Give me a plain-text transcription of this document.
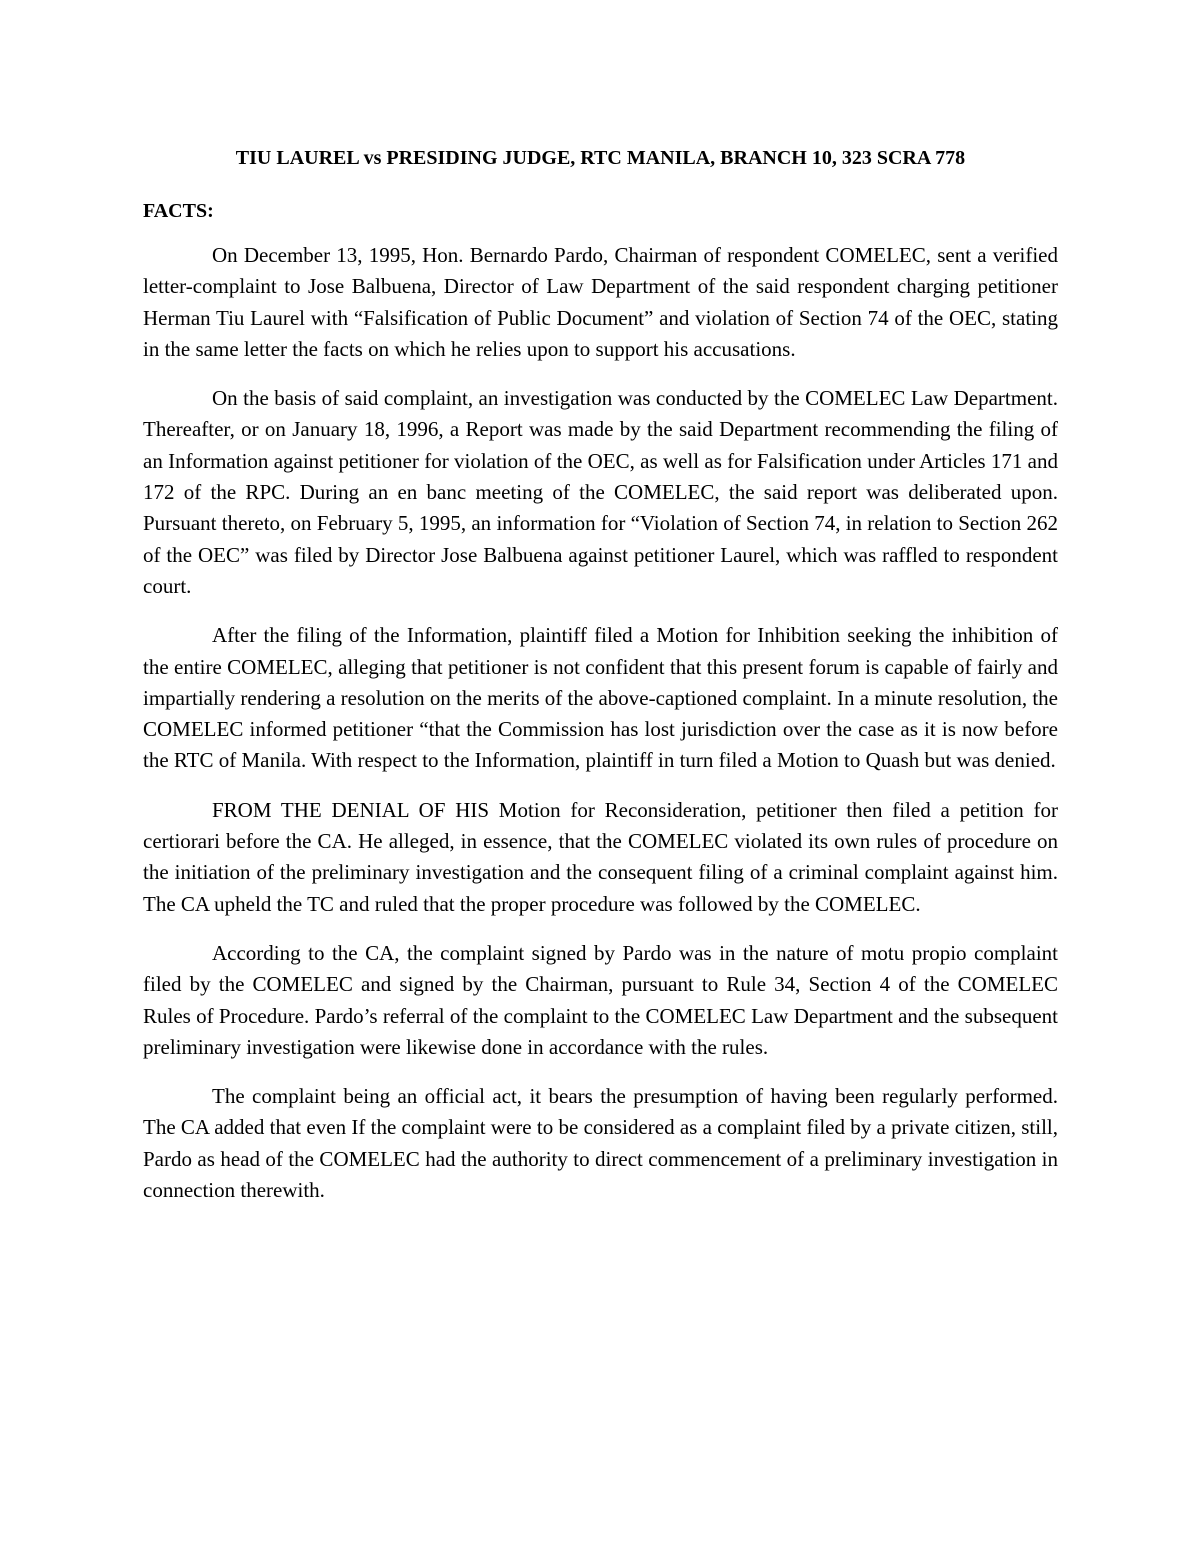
TIU LAUREL vs PRESIDING JUDGE, RTC MANILA, BRANCH 10, 323 SCRA 778
FACTS:

On December 13, 1995, Hon. Bernardo Pardo, Chairman of respondent COMELEC, sent a verified letter-complaint to Jose Balbuena, Director of Law Department of the said respondent charging petitioner Herman Tiu Laurel with “Falsification of Public Document” and violation of Section 74 of the OEC, stating in the same letter the facts on which he relies upon to support his accusations.

On the basis of said complaint, an investigation was conducted by the COMELEC Law Department. Thereafter, or on January 18, 1996, a Report was made by the said Department recommending the filing of an Information against petitioner for violation of the OEC, as well as for Falsification under Articles 171 and 172 of the RPC. During an en banc meeting of the COMELEC, the said report was deliberated upon. Pursuant thereto, on February 5, 1995, an information for “Violation of Section 74, in relation to Section 262 of the OEC” was filed by Director Jose Balbuena against petitioner Laurel, which was raffled to respondent court.

After the filing of the Information, plaintiff filed a Motion for Inhibition seeking the inhibition of the entire COMELEC, alleging that petitioner is not confident that this present forum is capable of fairly and impartially rendering a resolution on the merits of the above-captioned complaint. In a minute resolution, the COMELEC informed petitioner “that the Commission has lost jurisdiction over the case as it is now before the RTC of Manila. With respect to the Information, plaintiff in turn filed a Motion to Quash but was denied.

FROM THE DENIAL OF HIS Motion for Reconsideration, petitioner then filed a petition for certiorari before the CA. He alleged, in essence, that the COMELEC violated its own rules of procedure on the initiation of the preliminary investigation and the consequent filing of a criminal complaint against him. The CA upheld the TC and ruled that the proper procedure was followed by the COMELEC.

According to the CA, the complaint signed by Pardo was in the nature of motu propio complaint filed by the COMELEC and signed by the Chairman, pursuant to Rule 34, Section 4 of the COMELEC Rules of Procedure. Pardo’s referral of the complaint to the COMELEC Law Department and the subsequent preliminary investigation were likewise done in accordance with the rules.

The complaint being an official act, it bears the presumption of having been regularly performed. The CA added that even If the complaint were to be considered as a complaint filed by a private citizen, still, Pardo as head of the COMELEC had the authority to direct commencement of a preliminary investigation in connection therewith.
